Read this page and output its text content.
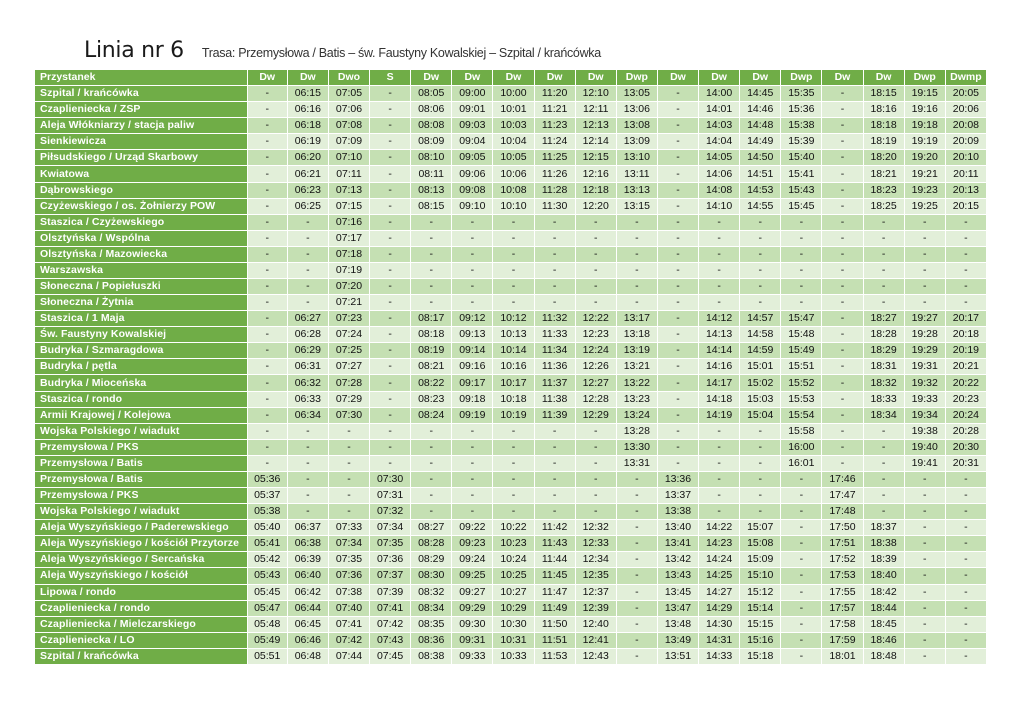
Linia nr 6 Trasa: Przemysłowa / Batis – św. Faustyny Kowalskiej – Szpital / krańcówka
Przystanek	Dw	Dw	Dwo	S	Dw	Dw	Dw	Dw	Dw	Dwp	Dw	Dw	Dw	Dwp	Dw	Dw	Dwp	Dwmp
Szpital / krańcówka	-	06:15	07:05	-	08:05	09:00	10:00	11:20	12:10	13:05	-	14:00	14:45	15:35	-	18:15	19:15	20:05
Czaplieniecka / ZSP	-	06:16	07:06	-	08:06	09:01	10:01	11:21	12:11	13:06	-	14:01	14:46	15:36	-	18:16	19:16	20:06
Aleja Włókniarzy / stacja paliw	-	06:18	07:08	-	08:08	09:03	10:03	11:23	12:13	13:08	-	14:03	14:48	15:38	-	18:18	19:18	20:08
Sienkiewicza	-	06:19	07:09	-	08:09	09:04	10:04	11:24	12:14	13:09	-	14:04	14:49	15:39	-	18:19	19:19	20:09
Piłsudskiego / Urząd Skarbowy	-	06:20	07:10	-	08:10	09:05	10:05	11:25	12:15	13:10	-	14:05	14:50	15:40	-	18:20	19:20	20:10
Kwiatowa	-	06:21	07:11	-	08:11	09:06	10:06	11:26	12:16	13:11	-	14:06	14:51	15:41	-	18:21	19:21	20:11
Dąbrowskiego	-	06:23	07:13	-	08:13	09:08	10:08	11:28	12:18	13:13	-	14:08	14:53	15:43	-	18:23	19:23	20:13
Czyżewskiego / os. Żołnierzy POW	-	06:25	07:15	-	08:15	09:10	10:10	11:30	12:20	13:15	-	14:10	14:55	15:45	-	18:25	19:25	20:15
Staszica / Czyżewskiego	-	-	07:16	-	-	-	-	-	-	-	-	-	-	-	-	-	-	-
Olsztyńska / Wspólna	-	-	07:17	-	-	-	-	-	-	-	-	-	-	-	-	-	-	-
Olsztyńska / Mazowiecka	-	-	07:18	-	-	-	-	-	-	-	-	-	-	-	-	-	-	-
Warszawska	-	-	07:19	-	-	-	-	-	-	-	-	-	-	-	-	-	-	-
Słoneczna / Popiełuszki	-	-	07:20	-	-	-	-	-	-	-	-	-	-	-	-	-	-	-
Słoneczna / Żytnia	-	-	07:21	-	-	-	-	-	-	-	-	-	-	-	-	-	-	-
Staszica / 1 Maja	-	06:27	07:23	-	08:17	09:12	10:12	11:32	12:22	13:17	-	14:12	14:57	15:47	-	18:27	19:27	20:17
Św. Faustyny Kowalskiej	-	06:28	07:24	-	08:18	09:13	10:13	11:33	12:23	13:18	-	14:13	14:58	15:48	-	18:28	19:28	20:18
Budryka / Szmaragdowa	-	06:29	07:25	-	08:19	09:14	10:14	11:34	12:24	13:19	-	14:14	14:59	15:49	-	18:29	19:29	20:19
Budryka / pętla	-	06:31	07:27	-	08:21	09:16	10:16	11:36	12:26	13:21	-	14:16	15:01	15:51	-	18:31	19:31	20:21
Budryka / Mioceńska	-	06:32	07:28	-	08:22	09:17	10:17	11:37	12:27	13:22	-	14:17	15:02	15:52	-	18:32	19:32	20:22
Staszica / rondo	-	06:33	07:29	-	08:23	09:18	10:18	11:38	12:28	13:23	-	14:18	15:03	15:53	-	18:33	19:33	20:23
Armii Krajowej / Kolejowa	-	06:34	07:30	-	08:24	09:19	10:19	11:39	12:29	13:24	-	14:19	15:04	15:54	-	18:34	19:34	20:24
Wojska Polskiego / wiadukt	-	-	-	-	-	-	-	-	-	13:28	-	-	-	15:58	-	-	19:38	20:28
Przemysłowa / PKS	-	-	-	-	-	-	-	-	-	13:30	-	-	-	16:00	-	-	19:40	20:30
Przemysłowa / Batis	-	-	-	-	-	-	-	-	-	13:31	-	-	-	16:01	-	-	19:41	20:31
Przemysłowa / Batis	05:36	-	-	07:30	-	-	-	-	-	-	13:36	-	-	-	17:46	-	-	-
Przemysłowa / PKS	05:37	-	-	07:31	-	-	-	-	-	-	13:37	-	-	-	17:47	-	-	-
Wojska Polskiego / wiadukt	05:38	-	-	07:32	-	-	-	-	-	-	13:38	-	-	-	17:48	-	-	-
Aleja Wyszyńskiego / Paderewskiego	05:40	06:37	07:33	07:34	08:27	09:22	10:22	11:42	12:32	-	13:40	14:22	15:07	-	17:50	18:37	-	-
Aleja Wyszyńskiego / kościół Przytorze	05:41	06:38	07:34	07:35	08:28	09:23	10:23	11:43	12:33	-	13:41	14:23	15:08	-	17:51	18:38	-	-
Aleja Wyszyńskiego / Sercańska	05:42	06:39	07:35	07:36	08:29	09:24	10:24	11:44	12:34	-	13:42	14:24	15:09	-	17:52	18:39	-	-
Aleja Wyszyńskiego / kościół	05:43	06:40	07:36	07:37	08:30	09:25	10:25	11:45	12:35	-	13:43	14:25	15:10	-	17:53	18:40	-	-
Lipowa / rondo	05:45	06:42	07:38	07:39	08:32	09:27	10:27	11:47	12:37	-	13:45	14:27	15:12	-	17:55	18:42	-	-
Czaplieniecka / rondo	05:47	06:44	07:40	07:41	08:34	09:29	10:29	11:49	12:39	-	13:47	14:29	15:14	-	17:57	18:44	-	-
Czaplieniecka / Mielczarskiego	05:48	06:45	07:41	07:42	08:35	09:30	10:30	11:50	12:40	-	13:48	14:30	15:15	-	17:58	18:45	-	-
Czaplieniecka / LO	05:49	06:46	07:42	07:43	08:36	09:31	10:31	11:51	12:41	-	13:49	14:31	15:16	-	17:59	18:46	-	-
Szpital / krańcówka	05:51	06:48	07:44	07:45	08:38	09:33	10:33	11:53	12:43	-	13:51	14:33	15:18	-	18:01	18:48	-	-
